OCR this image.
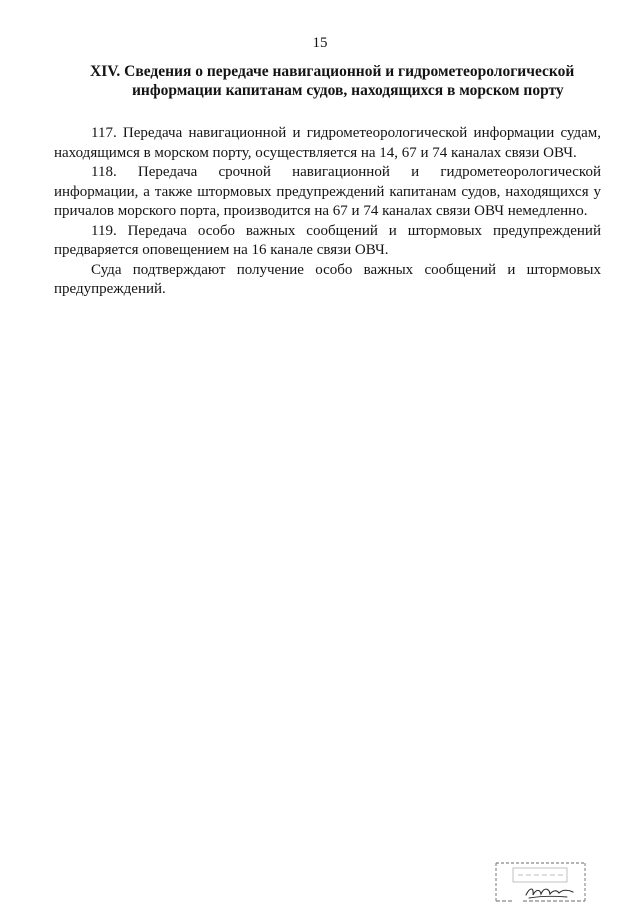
15
XIV. Сведения о передаче навигационной и гидрометеорологической
информации капитанам судов, находящихся в морском порту

117. Передача навигационной и гидрометеорологической информации судам, находящимся в морском порту, осуществляется на 14, 67 и 74 каналах связи ОВЧ.

118. Передача срочной навигационной и гидрометеорологической информации, а также штормовых предупреждений капитанам судов, находящихся у причалов морского порта, производится на 67 и 74 каналах связи ОВЧ немедленно.

119. Передача особо важных сообщений и штормовых предупреждений предваряется оповещением на 16 канале связи ОВЧ.

Суда подтверждают получение особо важных сообщений и штормовых предупреждений.
